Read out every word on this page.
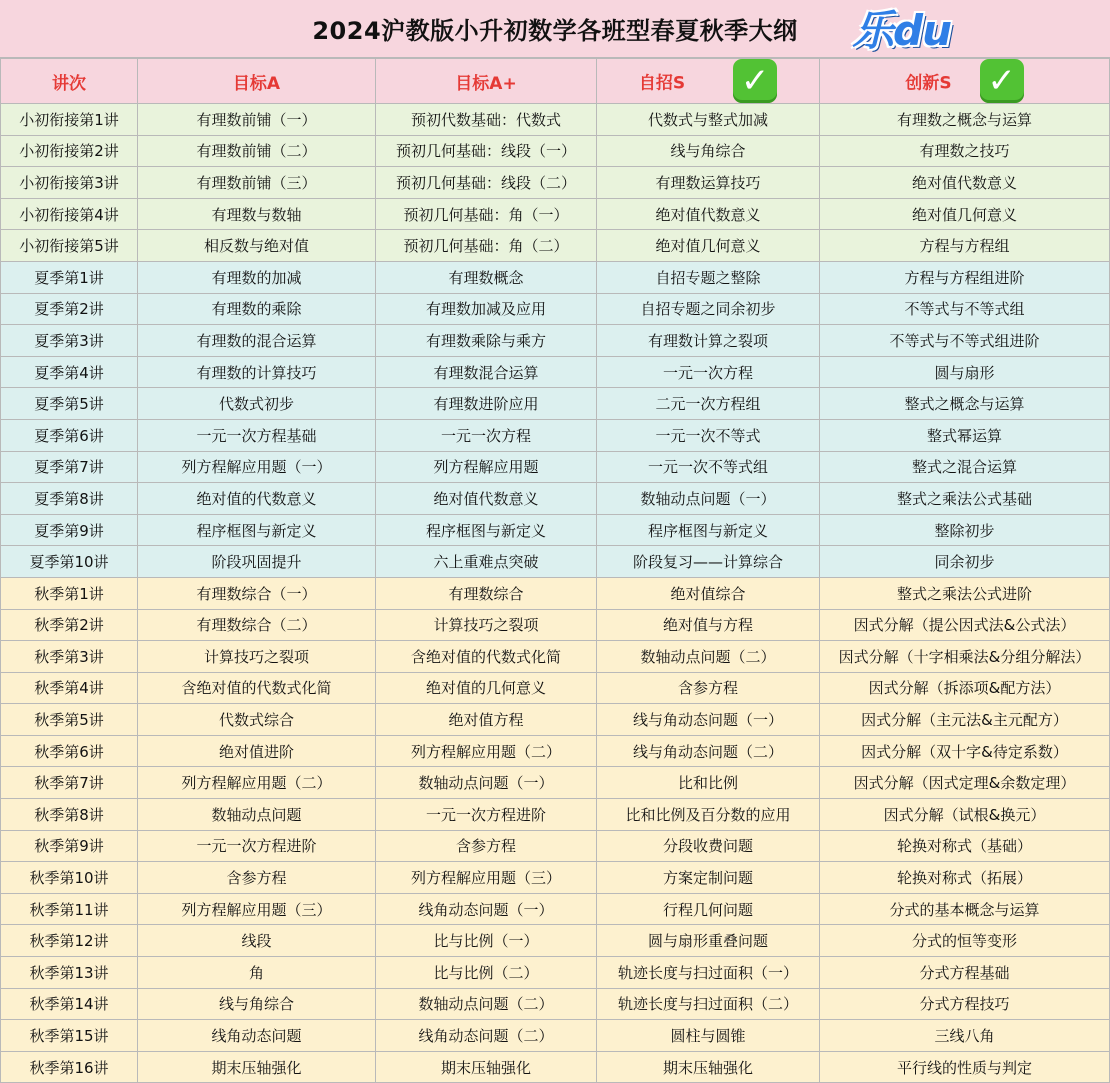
2024沪教版小升初数学各班型春夏秋季大纲	乐du
讲次	目标A	目标A+	自招S ✓	创新S ✓
小初衔接第1讲	有理数前铺（一）	预初代数基础：代数式	代数式与整式加减	有理数之概念与运算
小初衔接第2讲	有理数前铺（二）	预初几何基础：线段（一）	线与角综合	有理数之技巧
小初衔接第3讲	有理数前铺（三）	预初几何基础：线段（二）	有理数运算技巧	绝对值代数意义
小初衔接第4讲	有理数与数轴	预初几何基础：角（一）	绝对值代数意义	绝对值几何意义
小初衔接第5讲	相反数与绝对值	预初几何基础：角（二）	绝对值几何意义	方程与方程组
夏季第1讲	有理数的加减	有理数概念	自招专题之整除	方程与方程组进阶
夏季第2讲	有理数的乘除	有理数加减及应用	自招专题之同余初步	不等式与不等式组
夏季第3讲	有理数的混合运算	有理数乘除与乘方	有理数计算之裂项	不等式与不等式组进阶
夏季第4讲	有理数的计算技巧	有理数混合运算	一元一次方程	圆与扇形
夏季第5讲	代数式初步	有理数进阶应用	二元一次方程组	整式之概念与运算
夏季第6讲	一元一次方程基础	一元一次方程	一元一次不等式	整式幂运算
夏季第7讲	列方程解应用题（一）	列方程解应用题	一元一次不等式组	整式之混合运算
夏季第8讲	绝对值的代数意义	绝对值代数意义	数轴动点问题（一）	整式之乘法公式基础
夏季第9讲	程序框图与新定义	程序框图与新定义	程序框图与新定义	整除初步
夏季第10讲	阶段巩固提升	六上重难点突破	阶段复习——计算综合	同余初步
秋季第1讲	有理数综合（一）	有理数综合	绝对值综合	整式之乘法公式进阶
秋季第2讲	有理数综合（二）	计算技巧之裂项	绝对值与方程	因式分解（提公因式法&公式法）
秋季第3讲	计算技巧之裂项	含绝对值的代数式化简	数轴动点问题（二）	因式分解（十字相乘法&分组分解法）
秋季第4讲	含绝对值的代数式化简	绝对值的几何意义	含参方程	因式分解（拆添项&配方法）
秋季第5讲	代数式综合	绝对值方程	线与角动态问题（一）	因式分解（主元法&主元配方）
秋季第6讲	绝对值进阶	列方程解应用题（二）	线与角动态问题（二）	因式分解（双十字&待定系数）
秋季第7讲	列方程解应用题（二）	数轴动点问题（一）	比和比例	因式分解（因式定理&余数定理）
秋季第8讲	数轴动点问题	一元一次方程进阶	比和比例及百分数的应用	因式分解（试根&换元）
秋季第9讲	一元一次方程进阶	含参方程	分段收费问题	轮换对称式（基础）
秋季第10讲	含参方程	列方程解应用题（三）	方案定制问题	轮换对称式（拓展）
秋季第11讲	列方程解应用题（三）	线角动态问题（一）	行程几何问题	分式的基本概念与运算
秋季第12讲	线段	比与比例（一）	圆与扇形重叠问题	分式的恒等变形
秋季第13讲	角	比与比例（二）	轨迹长度与扫过面积（一）	分式方程基础
秋季第14讲	线与角综合	数轴动点问题（二）	轨迹长度与扫过面积（二）	分式方程技巧
秋季第15讲	线角动态问题	线角动态问题（二）	圆柱与圆锥	三线八角
秋季第16讲	期末压轴强化	期末压轴强化	期末压轴强化	平行线的性质与判定
